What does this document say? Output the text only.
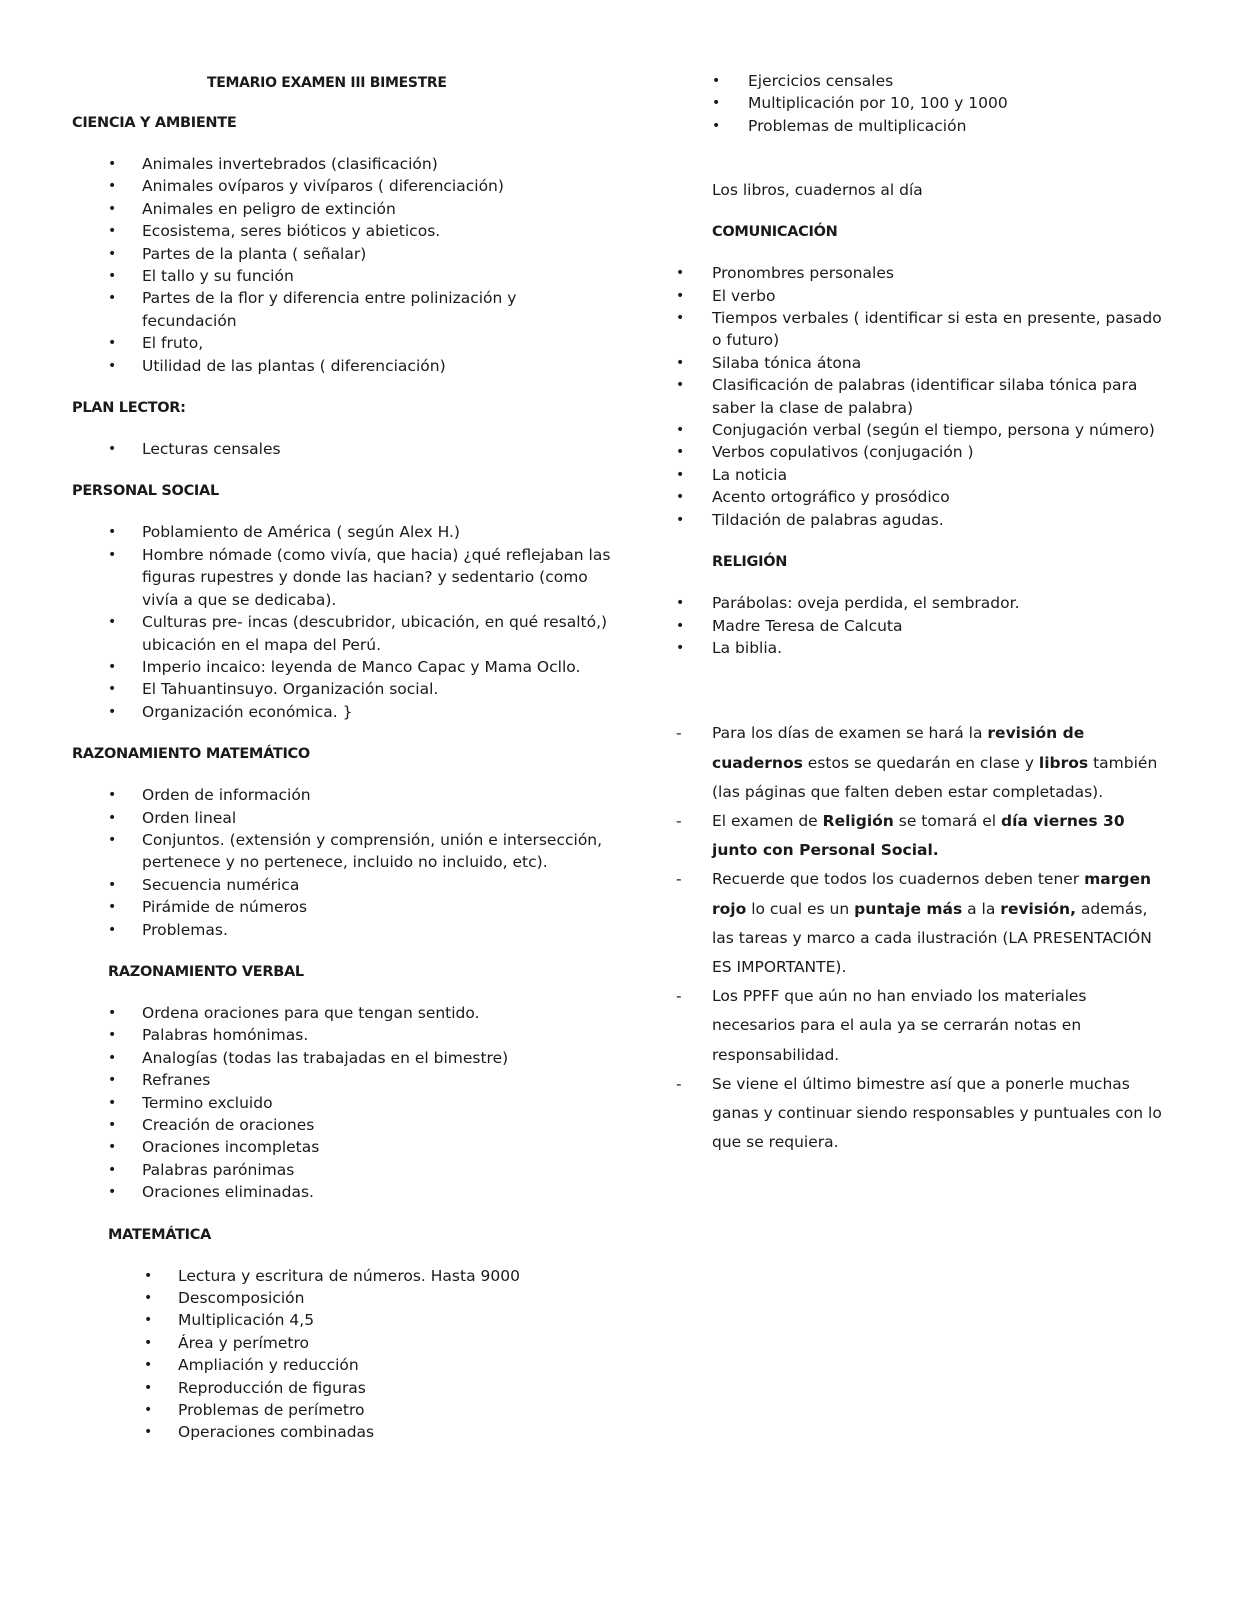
TEMARIO EXAMEN III BIMESTRE
CIENCIA Y AMBIENTE
• Animales invertebrados (clasificación)
• Animales ovíparos y vivíparos ( diferenciación)
• Animales en peligro de extinción
• Ecosistema, seres bióticos y abieticos.
• Partes de la planta ( señalar)
• El tallo y su función
• Partes de la flor y diferencia entre polinización y fecundación
• El fruto,
• Utilidad de las plantas ( diferenciación)
PLAN LECTOR:
• Lecturas censales
PERSONAL SOCIAL
• Poblamiento de América ( según Alex H.)
• Hombre nómade (como vivía, que hacia) ¿qué reflejaban las figuras rupestres y donde las hacian? y sedentario (como vivía a que se dedicaba).
• Culturas pre- incas (descubridor, ubicación, en qué resaltó,) ubicación en el mapa del Perú.
• Imperio incaico: leyenda de Manco Capac y Mama Ocllo.
• El Tahuantinsuyo. Organización social.
• Organización económica. }
RAZONAMIENTO MATEMÁTICO
• Orden de información
• Orden lineal
• Conjuntos. (extensión y comprensión, unión e intersección, pertenece y no pertenece, incluido no incluido, etc).
• Secuencia numérica
• Pirámide de números
• Problemas.
RAZONAMIENTO VERBAL
• Ordena oraciones para que tengan sentido.
• Palabras homónimas.
• Analogías (todas las trabajadas en el bimestre)
• Refranes
• Termino excluido
• Creación de oraciones
• Oraciones incompletas
• Palabras parónimas
• Oraciones eliminadas.
MATEMÁTICA
• Lectura y escritura de números. Hasta 9000
• Descomposición
• Multiplicación 4,5
• Área y perímetro
• Ampliación y reducción
• Reproducción de figuras
• Problemas de perímetro
• Operaciones combinadas
• Ejercicios censales
• Multiplicación por 10, 100 y 1000
• Problemas de multiplicación
Los libros, cuadernos al día
COMUNICACIÓN
• Pronombres personales
• El verbo
• Tiempos verbales ( identificar si esta en presente, pasado o futuro)
• Silaba tónica átona
• Clasificación de palabras (identificar silaba tónica para saber la clase de palabra)
• Conjugación verbal (según el tiempo, persona y número)
• Verbos copulativos (conjugación )
• La noticia
• Acento ortográfico y prosódico
• Tildación de palabras agudas.
RELIGIÓN
• Parábolas: oveja perdida, el sembrador.
• Madre Teresa de Calcuta
• La biblia.
- Para los días de examen se hará la revisión de cuadernos estos se quedarán en clase y libros también (las páginas que falten deben estar completadas).
- El examen de Religión se tomará el día viernes 30 junto con Personal Social.
- Recuerde que todos los cuadernos deben tener margen rojo lo cual es un puntaje más a la revisión, además, las tareas y marco a cada ilustración (LA PRESENTACIÓN ES IMPORTANTE).
- Los PPFF que aún no han enviado los materiales necesarios para el aula ya se cerrarán notas en responsabilidad.
- Se viene el último bimestre así que a ponerle muchas ganas y continuar siendo responsables y puntuales con lo que se requiera.
